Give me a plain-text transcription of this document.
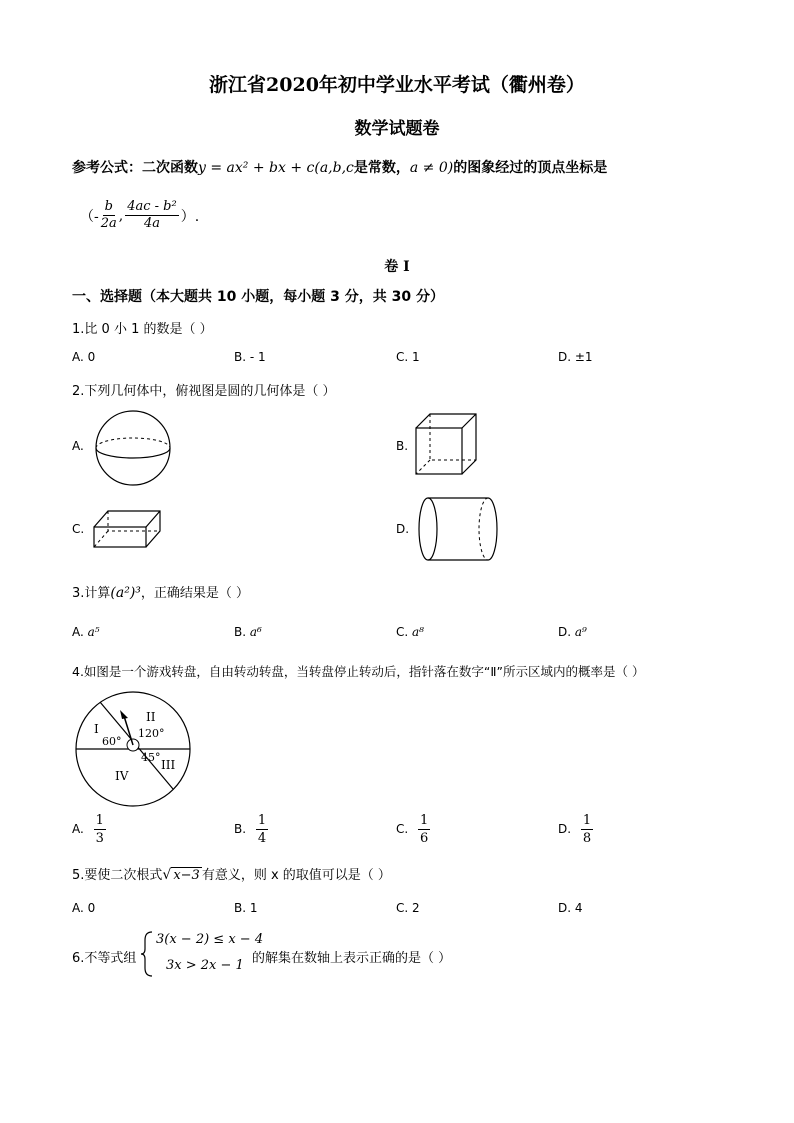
浙江省2020年初中学业水平考试（衢州卷）
数学试题卷
参考公式：二次函数y = ax² + bx + c(a,b,c是常数，a ≠ 0)的图象经过的顶点坐标是
（- $\frac{b}{2a}$ , $\frac{\text{4ac - b²}}{4a}$ ）.
卷 I
一、选择题（本大题共 10 小题，每小题 3 分，共 30 分）
1.比 0 小 1 的数是（ ）
A. 0	B. - 1	C. 1	D. ±1
2.下列几何体中，俯视图是圆的几何体是（ ）
A.	B.
C.	D.
3.计算(a²)³，正确结果是（ ）
A. a⁵	B. a⁶	C. a⁸	D. a⁹
4.如图是一个游戏转盘，自由转动转盘，当转盘停止转动后，指针落在数字“Ⅱ”所示区域内的概率是（ ）
I
II
III
IV
60°
120°
45°
A. $\frac{1}{3}$	B. $\frac{1}{4}$	C. $\frac{1}{6}$	D. $\frac{1}{8}$
5.要使二次根式√ x−3 有意义，则 x 的取值可以是（ ）
A. 0	B. 1	C. 2	D. 4
6.不等式组
3(x − 2) ≤ x − 4
3x > 2x − 1 的解集在数轴上表示正确的是（ ）
